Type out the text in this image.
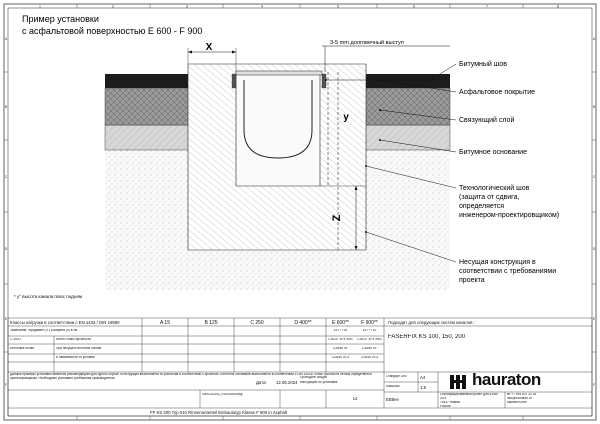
1	2	3	4	5	6	7	8
A
B
C
D
E
F
A
B
C
D
E
F
Пример установки
с асфальтовой поверхностью E 600 - F 900
X
y
Z
3-5 mm долговечный выступ
Битумный шов
Асфальтовое покрытие
Связующий слой
Битумное основание
Технологический шов
(защита от сдвига,
определяется
инженером-проектировщиком)
Несущая конструкция в
соответствии с требованиями
проекта
* у° высота канала плюс подъем
Классы нагрузки в соответствии с EN 1433 / DIN 19580	A 15	B 125	C 250	D 400**	E 600**	F 900**	Подходит для следующих систем каналов :
FASERFIX KS 100, 150, 200
Замечание: Фундамент (Y) и ширина (X) в см	15 / * / 20	15 / * / 20
C 30/37	Бетон: класс прочности	C30/37 XF4 XM1	C30/37 XF4 XM1
Бетонные блоки	При несущей бетонной основе	C35/45 XF	C35/45 XF
В зависимости от условий	C25/30 XC3	C25/30 XC3
Данные примеры установки являются рекомендацией для одного случая. Конструкция выполняется по расчётам в соответствии с проектом. Бетонное основание выполняется в соответствии с DIN 18318. Класс прочности бетона определяется проектировщиком. Необходимо учитывать требования производителя.
0000120242_RUSSIAN.dwg
Дата:	12.06.2024
Проходите общую
инструкцию по установке.
14	EB8ee
Стандарт DIN	A4
Масштаб	1:5	hauraton
Сертифицированный проект для 6 наб
2/23
76437 Rastatt
Россия
tel +7 495 637 32 18
info@hauraton.ru
hauraton.com
FF KS 200 Typ 010 Rinnenunterteil Einbaututyp Klasse F 900 in Asphalt
